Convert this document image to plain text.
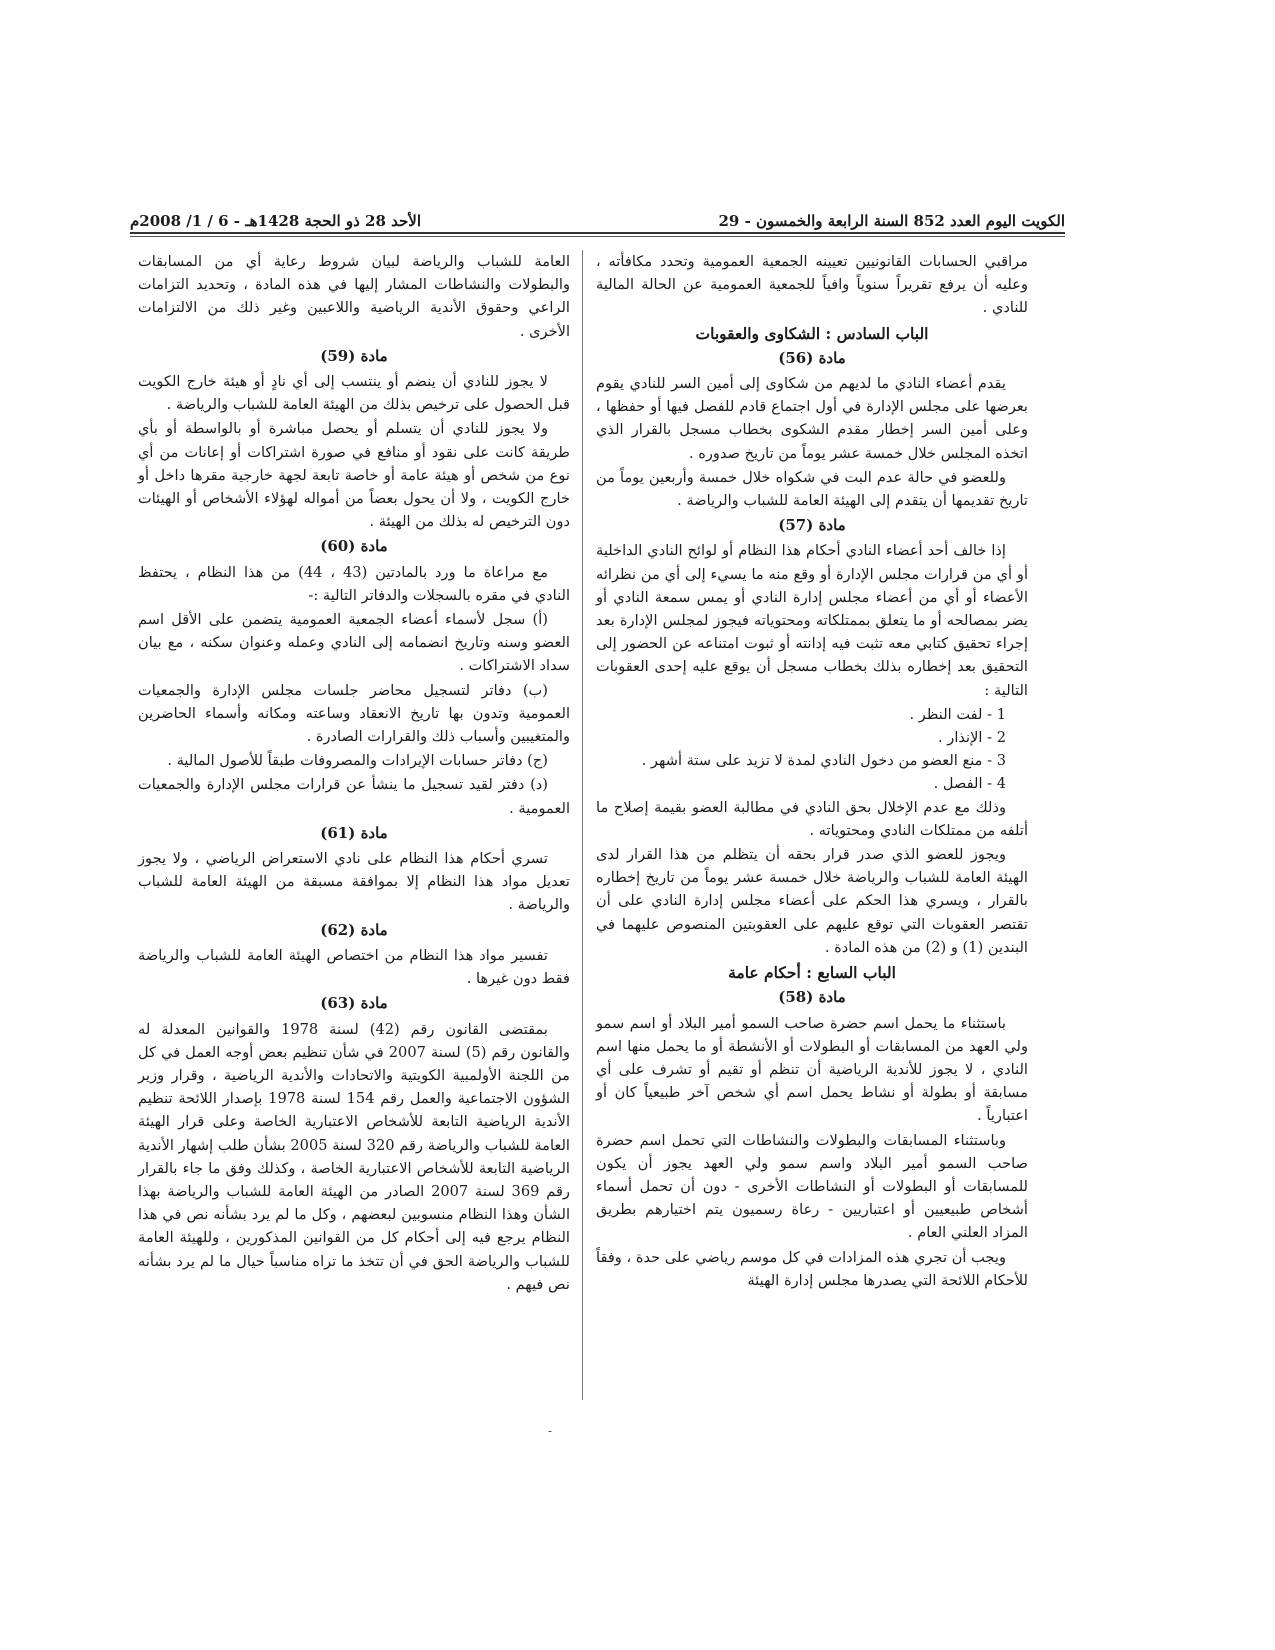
الكويت اليوم العدد 852 السنة الرابعة والخمسون - 29
الأحد 28 ذو الحجة 1428هـ - 6 / 1/ 2008م
مراقبي الحسابات القانونيين تعيينه الجمعية العمومية وتحدد مكافأته ، وعليه أن يرفع تقريراً سنوياً وافياً للجمعية العمومية عن الحالة المالية للنادي .
الباب السادس : الشكاوى والعقوبات
مادة (56)
يقدم أعضاء النادي ما لديهم من شكاوى إلى أمين السر للنادي يقوم بعرضها على مجلس الإدارة في أول اجتماع قادم للفصل فيها أو حفظها ، وعلى أمين السر إخطار مقدم الشكوى بخطاب مسجل بالقرار الذي اتخذه المجلس خلال خمسة عشر يوماً من تاريخ صدوره .
وللعضو في حالة عدم البت في شكواه خلال خمسة وأربعين يوماً من تاريخ تقديمها أن يتقدم إلى الهيئة العامة للشباب والرياضة .
مادة (57)
إذا خالف أحد أعضاء النادي أحكام هذا النظام أو لوائح النادي الداخلية أو أي من قرارات مجلس الإدارة أو وقع منه ما يسيء إلى أي من نظرائه الأعضاء أو أي من أعضاء مجلس إدارة النادي أو يمس سمعة النادي أو يضر بمصالحه أو ما يتعلق بممتلكاته ومحتوياته فيجوز لمجلس الإدارة بعد إجراء تحقيق كتابي معه تثبت فيه إدانته أو ثبوت امتناعه عن الحضور إلى التحقيق بعد إخطاره بذلك بخطاب مسجل أن يوقع عليه إحدى العقوبات التالية :
1 - لفت النظر .
2 - الإنذار .
3 - منع العضو من دخول النادي لمدة لا تزيد على ستة أشهر .
4 - الفصل .
وذلك مع عدم الإخلال بحق النادي في مطالبة العضو بقيمة إصلاح ما أتلفه من ممتلكات النادي ومحتوياته .
ويجوز للعضو الذي صدر قرار بحقه أن يتظلم من هذا القرار لدى الهيئة العامة للشباب والرياضة خلال خمسة عشر يوماً من تاريخ إخطاره بالقرار ، ويسري هذا الحكم على أعضاء مجلس إدارة النادي على أن تقتصر العقوبات التي توقع عليهم على العقوبتين المنصوص عليهما في البندين (1) و (2) من هذه المادة .
الباب السابع : أحكام عامة
مادة (58)
باستثناء ما يحمل اسم حضرة صاحب السمو أمير البلاد أو اسم سمو ولي العهد من المسابقات أو البطولات أو الأنشطة أو ما يحمل منها اسم النادي ، لا يجوز للأندية الرياضية أن تنظم أو تقيم أو تشرف على أي مسابقة أو بطولة أو نشاط يحمل اسم أي شخص آخر طبيعياً كان أو اعتبارياً .
وباستثناء المسابقات والبطولات والنشاطات التي تحمل اسم حضرة صاحب السمو أمير البلاد واسم سمو ولي العهد يجوز أن يكون للمسابقات أو البطولات أو النشاطات الأخرى - دون أن تحمل أسماء أشخاص طبيعيين أو اعتباريين - رعاة رسميون يتم اختيارهم بطريق المزاد العلني العام .
ويجب أن تجري هذه المزادات في كل موسم رياضي على حدة ، وفقاً للأحكام اللائحة التي يصدرها مجلس إدارة الهيئة
العامة للشباب والرياضة لبيان شروط رعاية أي من المسابقات والبطولات والنشاطات المشار إليها في هذه المادة ، وتحديد التزامات الراعي وحقوق الأندية الرياضية واللاعبين وغير ذلك من الالتزامات الأخرى .
مادة (59)
لا يجوز للنادي أن ينضم أو ينتسب إلى أي نادٍ أو هيئة خارج الكويت قبل الحصول على ترخيص بذلك من الهيئة العامة للشباب والرياضة .
ولا يجوز للنادي أن يتسلم أو يحصل مباشرة أو بالواسطة أو بأي طريقة كانت على نقود أو منافع في صورة اشتراكات أو إعانات من أي نوع من شخص أو هيئة عامة أو خاصة تابعة لجهة خارجية مقرها داخل أو خارج الكويت ، ولا أن يحول بعضاً من أمواله لهؤلاء الأشخاص أو الهيئات دون الترخيص له بذلك من الهيئة .
مادة (60)
مع مراعاة ما ورد بالمادتين (43 ، 44) من هذا النظام ، يحتفظ النادي في مقره بالسجلات والدفاتر التالية :-
(أ) سجل لأسماء أعضاء الجمعية العمومية يتضمن على الأقل اسم العضو وسنه وتاريخ انضمامه إلى النادي وعمله وعنوان سكنه ، مع بيان سداد الاشتراكات .
(ب) دفاتر لتسجيل محاضر جلسات مجلس الإدارة والجمعيات العمومية وتدون بها تاريخ الانعقاد وساعته ومكانه وأسماء الحاضرين والمتغيبين وأسباب ذلك والقرارات الصادرة .
(ج) دفاتر حسابات الإيرادات والمصروفات طبقاً للأصول المالية .
(د) دفتر لقيد تسجيل ما ينشأ عن قرارات مجلس الإدارة والجمعيات العمومية .
مادة (61)
تسري أحكام هذا النظام على نادي الاستعراض الرياضي ، ولا يجوز تعديل مواد هذا النظام إلا بموافقة مسبقة من الهيئة العامة للشباب والرياضة .
مادة (62)
تفسير مواد هذا النظام من اختصاص الهيئة العامة للشباب والرياضة فقط دون غيرها .
مادة (63)
بمقتضى القانون رقم (42) لسنة 1978 والقوانين المعدلة له والقانون رقم (5) لسنة 2007 في شأن تنظيم بعض أوجه العمل في كل من اللجنة الأولمبية الكويتية والاتحادات والأندية الرياضية ، وقرار وزير الشؤون الاجتماعية والعمل رقم 154 لسنة 1978 بإصدار اللائحة تنظيم الأندية الرياضية التابعة للأشخاص الاعتبارية الخاصة وعلى قرار الهيئة العامة للشباب والرياضة رقم 320 لسنة 2005 بشأن طلب إشهار الأندية الرياضية التابعة للأشخاص الاعتبارية الخاصة ، وكذلك وفق ما جاء بالقرار رقم 369 لسنة 2007 الصادر من الهيئة العامة للشباب والرياضة بهذا الشأن وهذا النظام منسوبين لبعضهم ، وكل ما لم يرد بشأنه نص في هذا النظام يرجع فيه إلى أحكام كل من القوانين المذكورين ، وللهيئة العامة للشباب والرياضة الحق في أن تتخذ ما تراه مناسباً حيال ما لم يرد بشأنه نص فيهم .
-
